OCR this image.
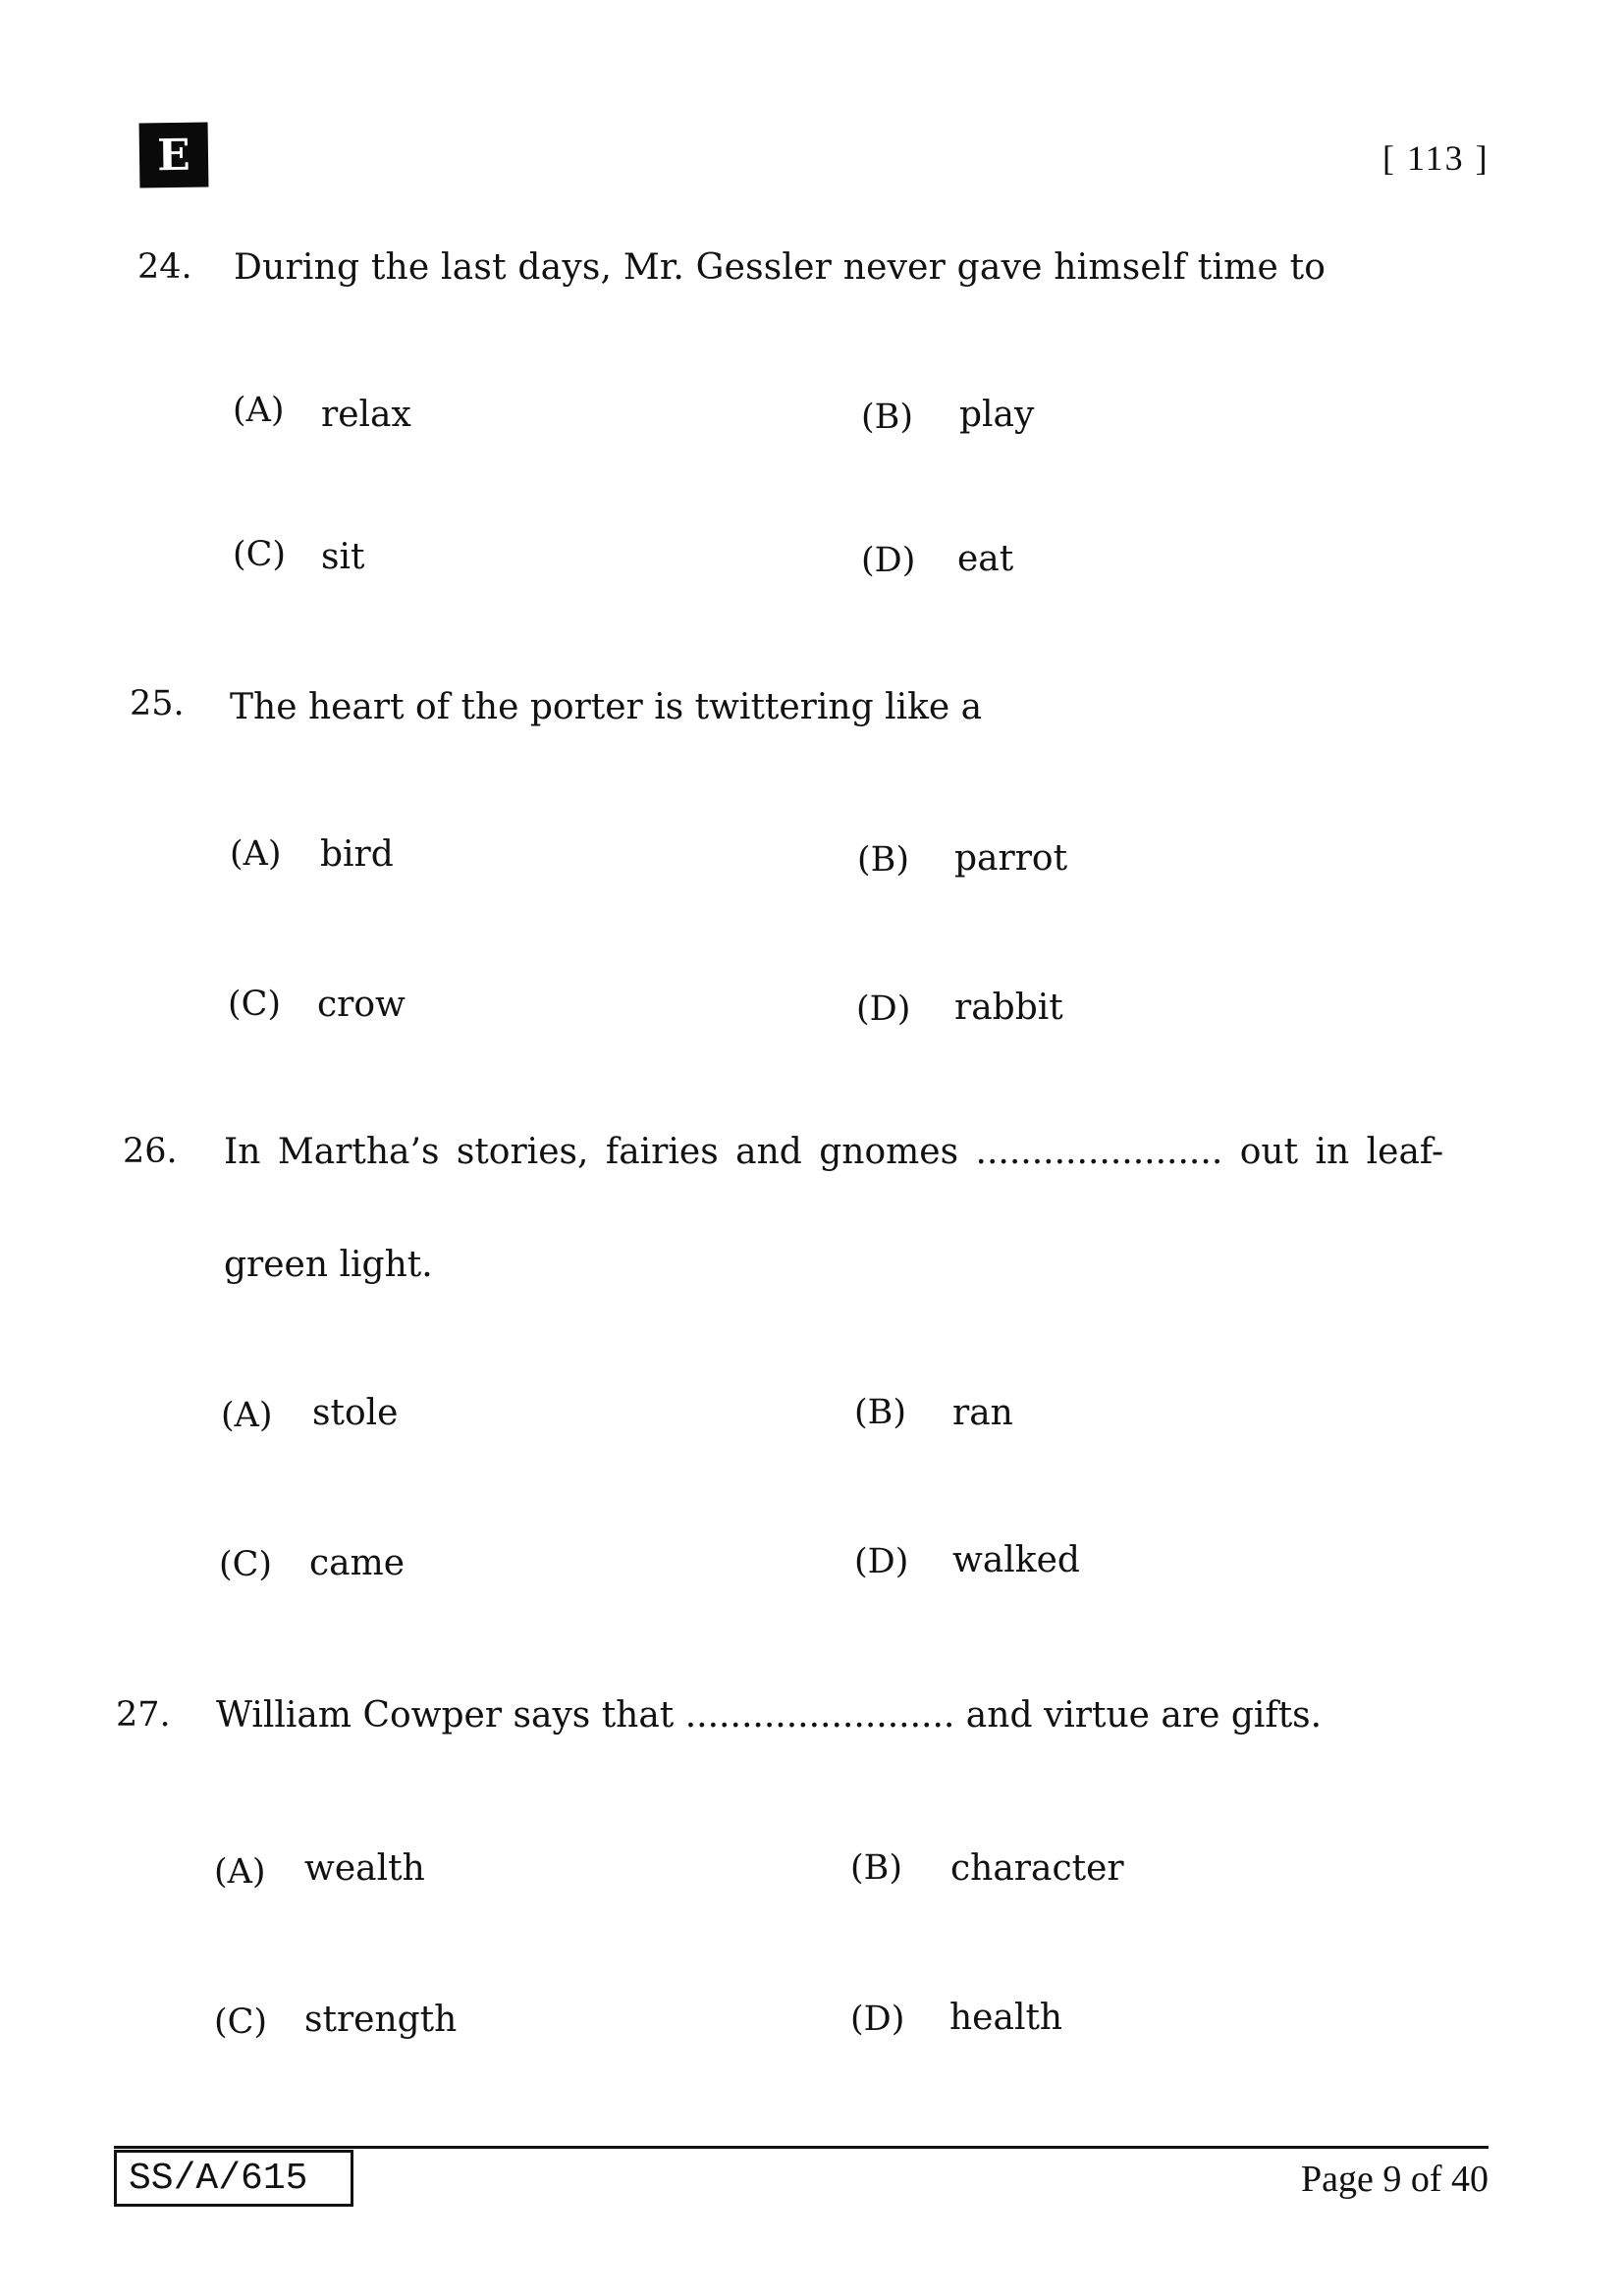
E	[ 113 ]
24. During the last days, Mr. Gessler never gave himself time to
(A) relax	(B) play
(C) sit	(D) eat
25. The heart of the porter is twittering like a
(A) bird	(B) parrot
(C) crow	(D) rabbit
26. In Martha’s stories, fairies and gnomes ...................... out in leaf-
green light.
(A) stole	(B) ran
(C) came	(D) walked
27. William Cowper says that ........................ and virtue are gifts.
(A) wealth	(B) character
(C) strength	(D) health
SS/A/615	Page 9 of 40
